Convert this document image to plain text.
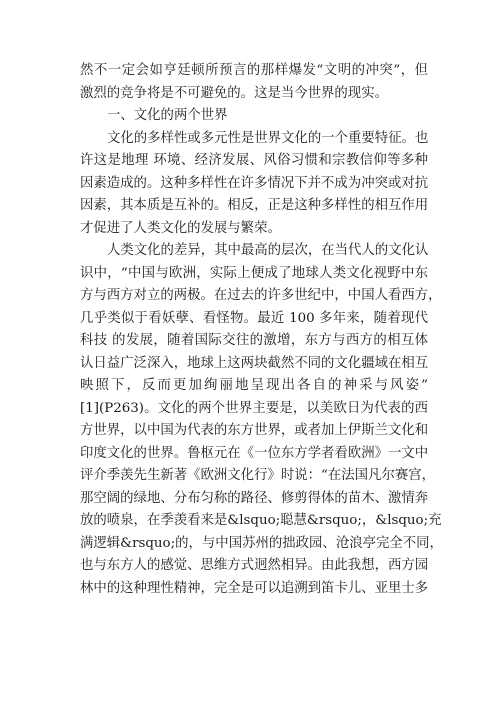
然不一定会如亨廷顿所预言的那样爆发“文明的冲突”，但
激烈的竞争将是不可避免的。这是当今世界的现实。
一、文化的两个世界
文化的多样性或多元性是世界文化的一个重要特征。也
许这是地理 环境、经济发展、风俗习惯和宗教信仰等多种
因素造成的。这种多样性在许多情况下并不成为冲突或对抗
因素，其本质是互补的。相反，正是这种多样性的相互作用
才促进了人类文化的发展与繁荣。
人类文化的差异，其中最高的层次，在当代人的文化认
识中，“中国与欧洲，实际上便成了地球人类文化视野中东
方与西方对立的两极。在过去的许多世纪中，中国人看西方，
几乎类似于看妖孽、看怪物。最近 100 多年来，随着现代
科技 的发展，随着国际交往的激增，东方与西方的相互体
认日益广泛深入，地球上这两块截然不同的文化疆域在相互
映照下，反而更加绚丽地呈现出各自的神采与风姿”
[1](P263)。文化的两个世界主要是，以美欧日为代表的西
方世界，以中国为代表的东方世界，或者加上伊斯兰文化和
印度文化的世界。鲁枢元在《一位东方学者看欧洲》一文中
评介季羡先生新著《欧洲文化行》时说：“在法国凡尔赛宫，
那空阔的绿地、分布匀称的路径、修剪得体的苗木、激情奔
放的喷泉，在季羡看来是&lsquo;聪慧&rsquo;，&lsquo;充
满逻辑&rsquo;的，与中国苏州的拙政园、沧浪亭完全不同，
也与东方人的感觉、思维方式迥然相异。由此我想，西方园
林中的这种理性精神，完全是可以追溯到笛卡儿、亚里士多
